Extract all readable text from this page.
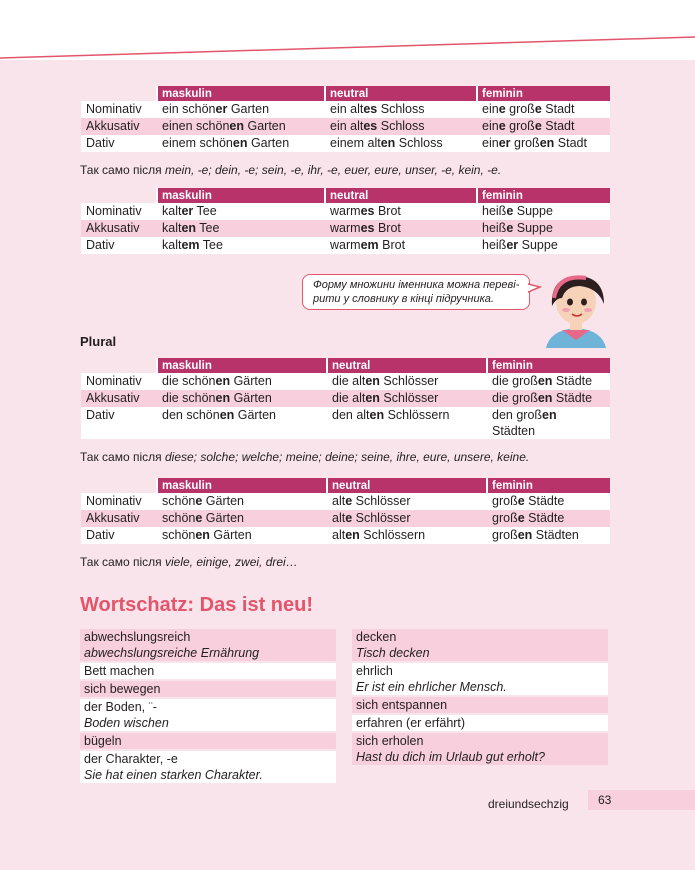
	maskulin	neutral	feminin
Nominativ	ein schöner Garten	ein altes Schloss	eine große Stadt
Akkusativ	einen schönen Garten	ein altes Schloss	eine große Stadt
Dativ	einem schönen Garten	einem alten Schloss	einer großen Stadt
Так само після mein, -e; dein, -e; sein, -e, ihr, -e, euer, eure, unser, -e, kein, -e.
	maskulin	neutral	feminin
Nominativ	kalter Tee	warmes Brot	heiße Suppe
Akkusativ	kalten Tee	warmes Brot	heiße Suppe
Dativ	kaltem Tee	warmem Brot	heißer Suppe
Форму множини іменника можна переві-
рити у словнику в кінці підручника.
Plural
	maskulin	neutral	feminin
Nominativ	die schönen Gärten	die alten Schlösser	die großen Städte
Akkusativ	die schönen Gärten	die alten Schlösser	die großen Städte
Dativ	den schönen Gärten	den alten Schlössern	den großen
Städten
Так само після diese; solche; welche; meine; deine; seine, ihre, eure, unsere, keine.
	maskulin	neutral	feminin
Nominativ	schöne Gärten	alte Schlösser	große Städte
Akkusativ	schöne Gärten	alte Schlösser	große Städte
Dativ	schönen Gärten	alten Schlössern	großen Städten
Так само після viele, einige, zwei, drei…
Wortschatz: Das ist neu!
abwechslungsreich
abwechslungsreiche Ernährung
Bett machen
sich bewegen
der Boden, ¨-
Boden wischen
bügeln
der Charakter, -e
Sie hat einen starken Charakter.
decken
Tisch decken
ehrlich
Er ist ein ehrlicher Mensch.
sich entspannen
erfahren (er erfährt)
sich erholen
Hast du dich im Urlaub gut erholt?
dreiundsechzig 63
